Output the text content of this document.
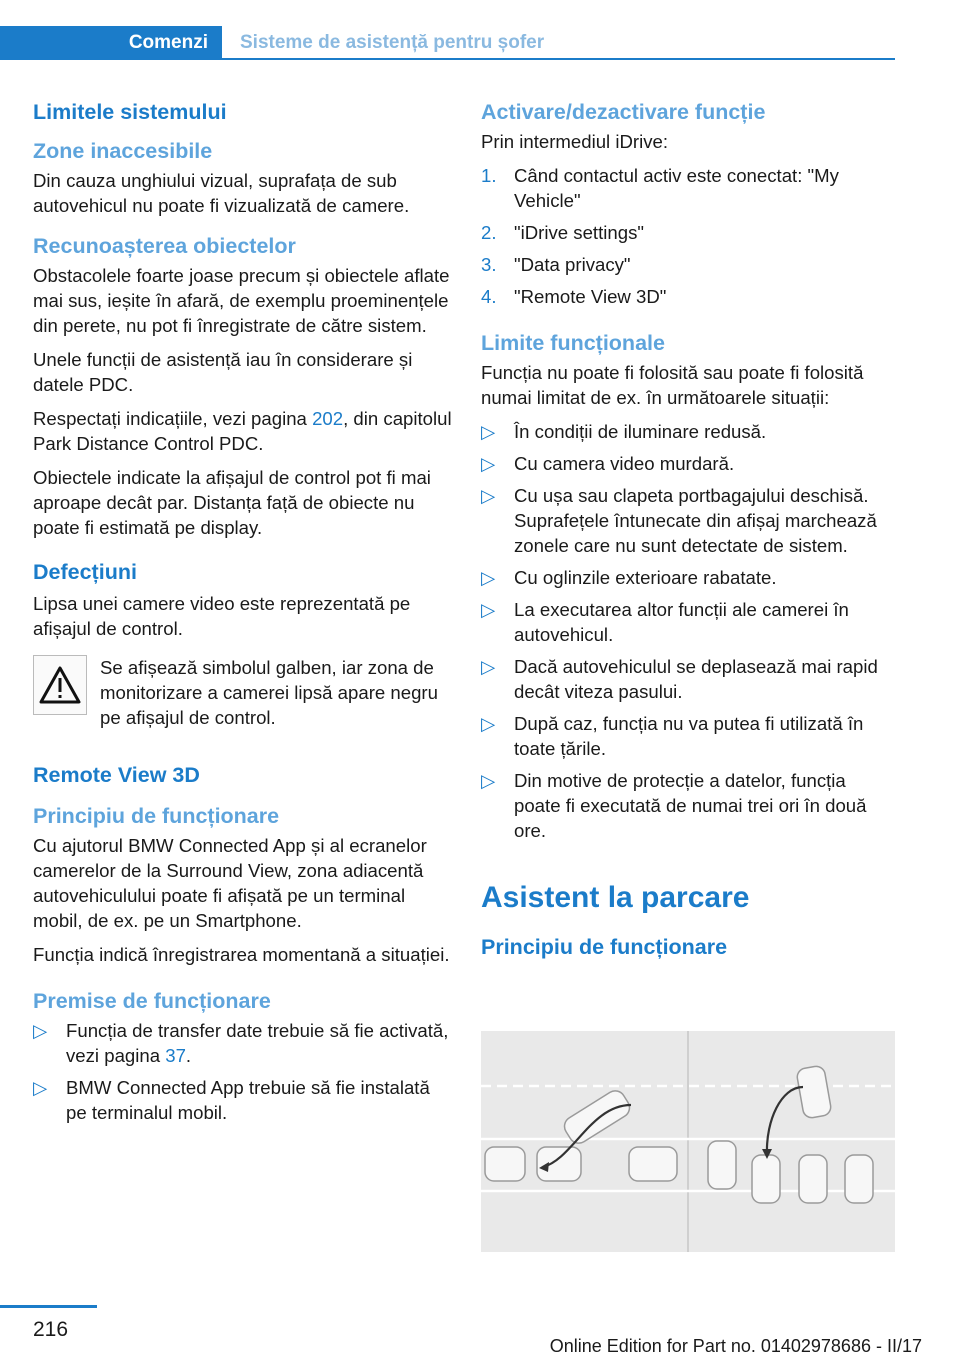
Comenzi	Sisteme de asistență pentru șofer
Limitele sistemului
Zone inaccesibile

Din cauza unghiului vizual, suprafața de sub autovehicul nu poate fi vizualizată de camere.

Recunoașterea obiectelor

Obstacolele foarte joase precum și obiectele aflate mai sus, ieșite în afară, de exemplu proeminențele din perete, nu pot fi înregistrate de către sistem.

Unele funcții de asistență iau în considerare și datele PDC.

Respectați indicațiile, vezi pagina 202, din capitolul Park Distance Control PDC.

Obiectele indicate la afișajul de control pot fi mai aproape decât par. Distanța față de obiecte nu poate fi estimată pe display.

Defecțiuni

Lipsa unei camere video este reprezentată pe afișajul de control.

Se afișează simbolul galben, iar zona de monitorizare a camerei lipsă apare negru pe afișajul de control.

Remote View 3D
Principiu de funcționare

Cu ajutorul BMW Connected App și al ecranelor camerelor de la Surround View, zona adiacentă autovehiculului poate fi afișată pe un terminal mobil, de ex. pe un Smartphone.

Funcția indică înregistrarea momentană a situației.

Premise de funcționare
▷ Funcția de transfer date trebuie să fie activată, vezi pagina 37.
▷ BMW Connected App trebuie să fie instalată pe terminalul mobil.
Activare/dezactivare funcție

Prin intermediul iDrive:

1. Când contactul activ este conectat: "My Vehicle"
2. "iDrive settings"
3. "Data privacy"
4. "Remote View 3D"
Limite funcționale

Funcția nu poate fi folosită sau poate fi folosită numai limitat de ex. în următoarele situații:

▷ În condiții de iluminare redusă.
▷ Cu camera video murdară.
▷ Cu ușa sau clapeta portbagajului deschisă. Suprafețele întunecate din afișaj marchează zonele care nu sunt detectate de sistem.
▷ Cu oglinzile exterioare rabatate.
▷ La executarea altor funcții ale camerei în autovehicul.
▷ Dacă autovehiculul se deplasează mai rapid decât viteza pasului.
▷ După caz, funcția nu va putea fi utilizată în toate țările.
▷ Din motive de protecție a datelor, funcția poate fi executată de numai trei ori în două ore.
Asistent la parcare
Principiu de funcționare
216
Online Edition for Part no. 01402978686 - II/17
